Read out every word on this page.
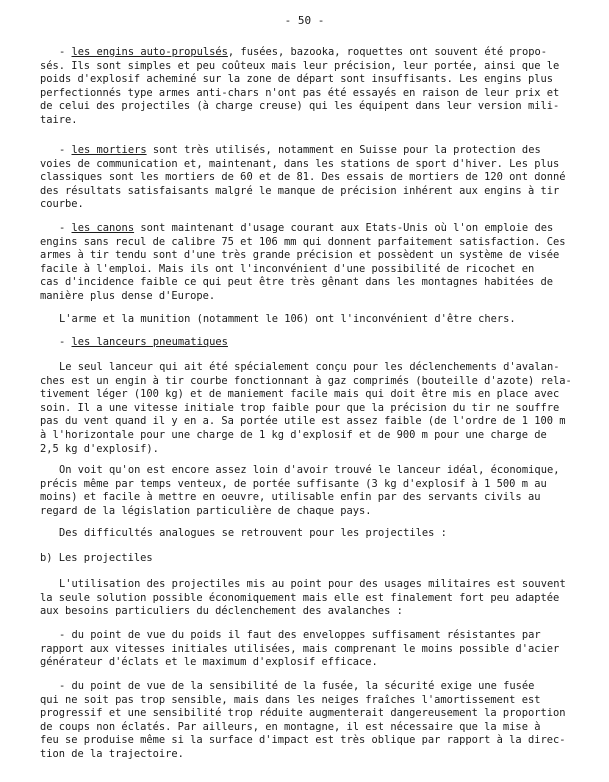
- 50 -
- les engins auto-propulsés, fusées, bazooka, roquettes ont souvent été propo-
sés. Ils sont simples et peu coûteux mais leur précision, leur portée, ainsi que le
poids d'explosif acheminé sur la zone de départ sont insuffisants. Les engins plus
perfectionnés type armes anti-chars n'ont pas été essayés en raison de leur prix et
de celui des projectiles (à charge creuse) qui les équipent dans leur version mili-
taire.
- les mortiers sont très utilisés, notamment en Suisse pour la protection des
voies de communication et, maintenant, dans les stations de sport d'hiver. Les plus
classiques sont les mortiers de 60 et de 81. Des essais de mortiers de 120 ont donné
des résultats satisfaisants malgré le manque de précision inhérent aux engins à tir
courbe.
- les canons sont maintenant d'usage courant aux Etats-Unis où l'on emploie des
engins sans recul de calibre 75 et 106 mm qui donnent parfaitement satisfaction. Ces
armes à tir tendu sont d'une très grande précision et possèdent un système de visée
facile à l'emploi. Mais ils ont l'inconvénient d'une possibilité de ricochet en
cas d'incidence faible ce qui peut être très gênant dans les montagnes habitées de
manière plus dense d'Europe.
L'arme et la munition (notamment le 106) ont l'inconvénient d'être chers.
- les lanceurs pneumatiques
Le seul lanceur qui ait été spécialement conçu pour les déclenchements d'avalan-
ches est un engin à tir courbe fonctionnant à gaz comprimés (bouteille d'azote) rela-
tivement léger (100 kg) et de maniement facile mais qui doit être mis en place avec
soin. Il a une vitesse initiale trop faible pour que la précision du tir ne souffre
pas du vent quand il y en a. Sa portée utile est assez faible (de l'ordre de 1 100 m
à l'horizontale pour une charge de 1 kg d'explosif et de 900 m pour une charge de
2,5 kg d'explosif).
On voit qu'on est encore assez loin d'avoir trouvé le lanceur idéal, économique,
précis même par temps venteux, de portée suffisante (3 kg d'explosif à 1 500 m au
moins) et facile à mettre en oeuvre, utilisable enfin par des servants civils au
regard de la législation particulière de chaque pays.
Des difficultés analogues se retrouvent pour les projectiles :
b) Les projectiles
L'utilisation des projectiles mis au point pour des usages militaires est souvent
la seule solution possible économiquement mais elle est finalement fort peu adaptée
aux besoins particuliers du déclenchement des avalanches :
- du point de vue du poids il faut des enveloppes suffisament résistantes par
rapport aux vitesses initiales utilisées, mais comprenant le moins possible d'acier
générateur d'éclats et le maximum d'explosif efficace.
- du point de vue de la sensibilité de la fusée, la sécurité exige une fusée
qui ne soit pas trop sensible, mais dans les neiges fraîches l'amortissement est
progressif et une sensibilité trop réduite augmenterait dangereusement la proportion
de coups non éclatés. Par ailleurs, en montagne, il est nécessaire que la mise à
feu se produise même si la surface d'impact est très oblique par rapport à la direc-
tion de la trajectoire.
